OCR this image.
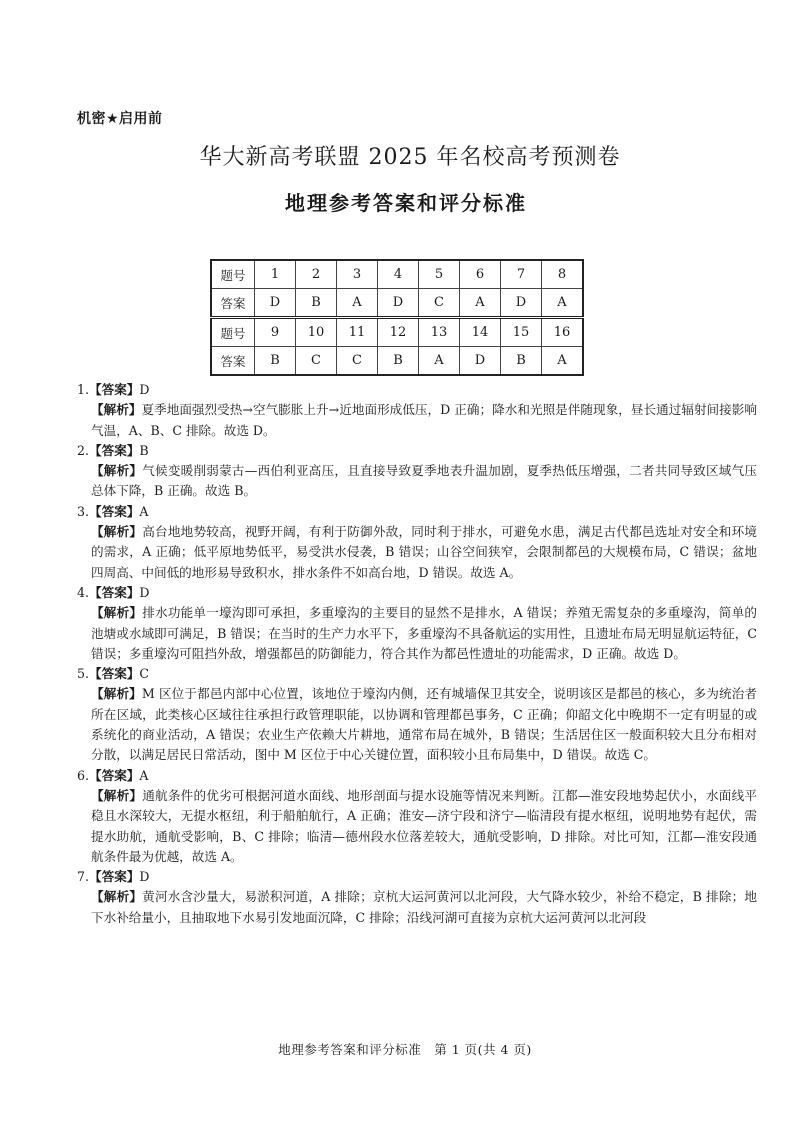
机密★启用前
华大新高考联盟 2025 年名校高考预测卷
地理参考答案和评分标准
题号	1	2	3	4	5	6	7	8
答案	D	B	A	D	C	A	D	A
题号	9	10	11	12	13	14	15	16
答案	B	C	C	B	A	D	B	A

1.【答案】D

【解析】夏季地面强烈受热→空气膨胀上升→近地面形成低压，D 正确；降水和光照是伴随现象，昼长通过辐射间接影响气温，A、B、C 排除。故选 D。

2.【答案】B

【解析】气候变暖削弱蒙古—西伯利亚高压，且直接导致夏季地表升温加剧，夏季热低压增强，二者共同导致区域气压总体下降，B 正确。故选 B。

3.【答案】A

【解析】高台地地势较高，视野开阔，有利于防御外敌，同时利于排水，可避免水患，满足古代都邑选址对安全和环境的需求，A 正确；低平原地势低平，易受洪水侵袭，B 错误；山谷空间狭窄，会限制都邑的大规模布局，C 错误；盆地四周高、中间低的地形易导致积水，排水条件不如高台地，D 错误。故选 A。

4.【答案】D

【解析】排水功能单一壕沟即可承担，多重壕沟的主要目的显然不是排水，A 错误；养殖无需复杂的多重壕沟，简单的池塘或水域即可满足，B 错误；在当时的生产力水平下，多重壕沟不具备航运的实用性，且遗址布局无明显航运特征，C 错误；多重壕沟可阻挡外敌，增强都邑的防御能力，符合其作为都邑性遗址的功能需求，D 正确。故选 D。

5.【答案】C

【解析】M 区位于都邑内部中心位置，该地位于壕沟内侧，还有城墙保卫其安全，说明该区是都邑的核心，多为统治者所在区域，此类核心区域往往承担行政管理职能，以协调和管理都邑事务，C 正确；仰韶文化中晚期不一定有明显的或系统化的商业活动，A 错误；农业生产依赖大片耕地，通常布局在城外，B 错误；生活居住区一般面积较大且分布相对分散，以满足居民日常活动，图中 M 区位于中心关键位置，面积较小且布局集中，D 错误。故选 C。

6.【答案】A

【解析】通航条件的优劣可根据河道水面线、地形剖面与提水设施等情况来判断。江都—淮安段地势起伏小，水面线平稳且水深较大，无提水枢纽，利于船舶航行，A 正确；淮安—济宁段和济宁—临清段有提水枢纽，说明地势有起伏，需提水助航，通航受影响，B、C 排除；临清—德州段水位落差较大，通航受影响，D 排除。对比可知，江都—淮安段通航条件最为优越，故选 A。

7.【答案】D

【解析】黄河水含沙量大，易淤积河道，A 排除；京杭大运河黄河以北河段，大气降水较少，补给不稳定，B 排除；地下水补给量小，且抽取地下水易引发地面沉降，C 排除；沿线河湖可直接为京杭大运河黄河以北河段

地理参考答案和评分标准　第 1 页(共 4 页)
